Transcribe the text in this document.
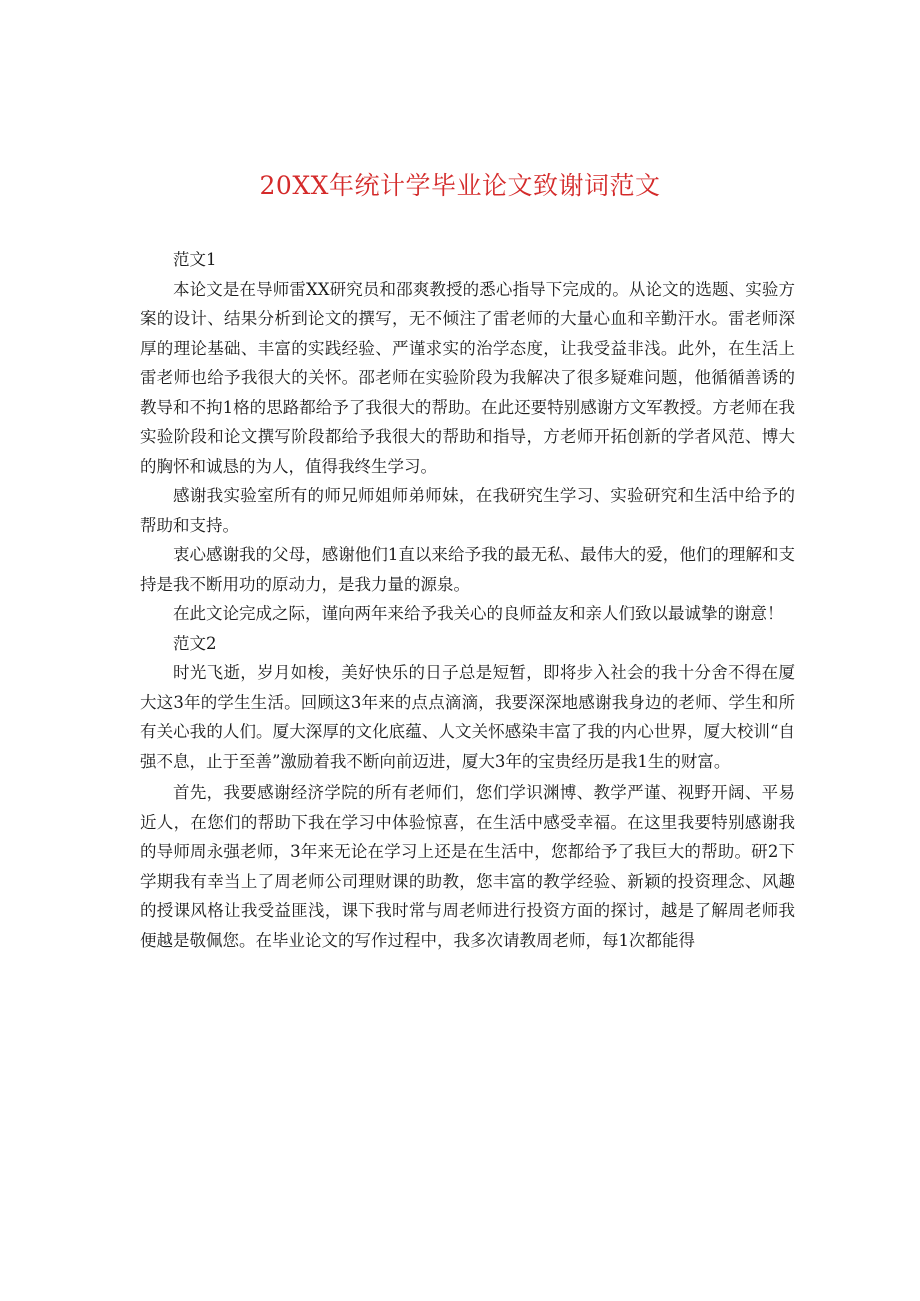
20XX年统计学毕业论文致谢词范文

范文1

本论文是在导师雷XX研究员和邵爽教授的悉心指导下完成的。从论文的选题、实验方案的设计、结果分析到论文的撰写，无不倾注了雷老师的大量心血和辛勤汗水。雷老师深厚的理论基础、丰富的实践经验、严谨求实的治学态度，让我受益非浅。此外，在生活上雷老师也给予我很大的关怀。邵老师在实验阶段为我解决了很多疑难问题，他循循善诱的教导和不拘1格的思路都给予了我很大的帮助。在此还要特别感谢方文军教授。方老师在我实验阶段和论文撰写阶段都给予我很大的帮助和指导，方老师开拓创新的学者风范、博大的胸怀和诚恳的为人，值得我终生学习。

感谢我实验室所有的师兄师姐师弟师妹，在我研究生学习、实验研究和生活中给予的帮助和支持。

衷心感谢我的父母，感谢他们1直以来给予我的最无私、最伟大的爱，他们的理解和支持是我不断用功的原动力，是我力量的源泉。

在此文论完成之际，谨向两年来给予我关心的良师益友和亲人们致以最诚挚的谢意！

范文2

时光飞逝，岁月如梭，美好快乐的日子总是短暂，即将步入社会的我十分舍不得在厦大这3年的学生生活。回顾这3年来的点点滴滴，我要深深地感谢我身边的老师、学生和所有关心我的人们。厦大深厚的文化底蕴、人文关怀感染丰富了我的内心世界，厦大校训“自强不息，止于至善”激励着我不断向前迈进，厦大3年的宝贵经历是我1生的财富。

首先，我要感谢经济学院的所有老师们，您们学识渊博、教学严谨、视野开阔、平易近人，在您们的帮助下我在学习中体验惊喜，在生活中感受幸福。在这里我要特别感谢我的导师周永强老师，3年来无论在学习上还是在生活中，您都给予了我巨大的帮助。研2下学期我有幸当上了周老师公司理财课的助教，您丰富的教学经验、新颖的投资理念、风趣的授课风格让我受益匪浅，课下我时常与周老师进行投资方面的探讨，越是了解周老师我便越是敬佩您。在毕业论文的写作过程中，我多次请教周老师，每1次都能得
